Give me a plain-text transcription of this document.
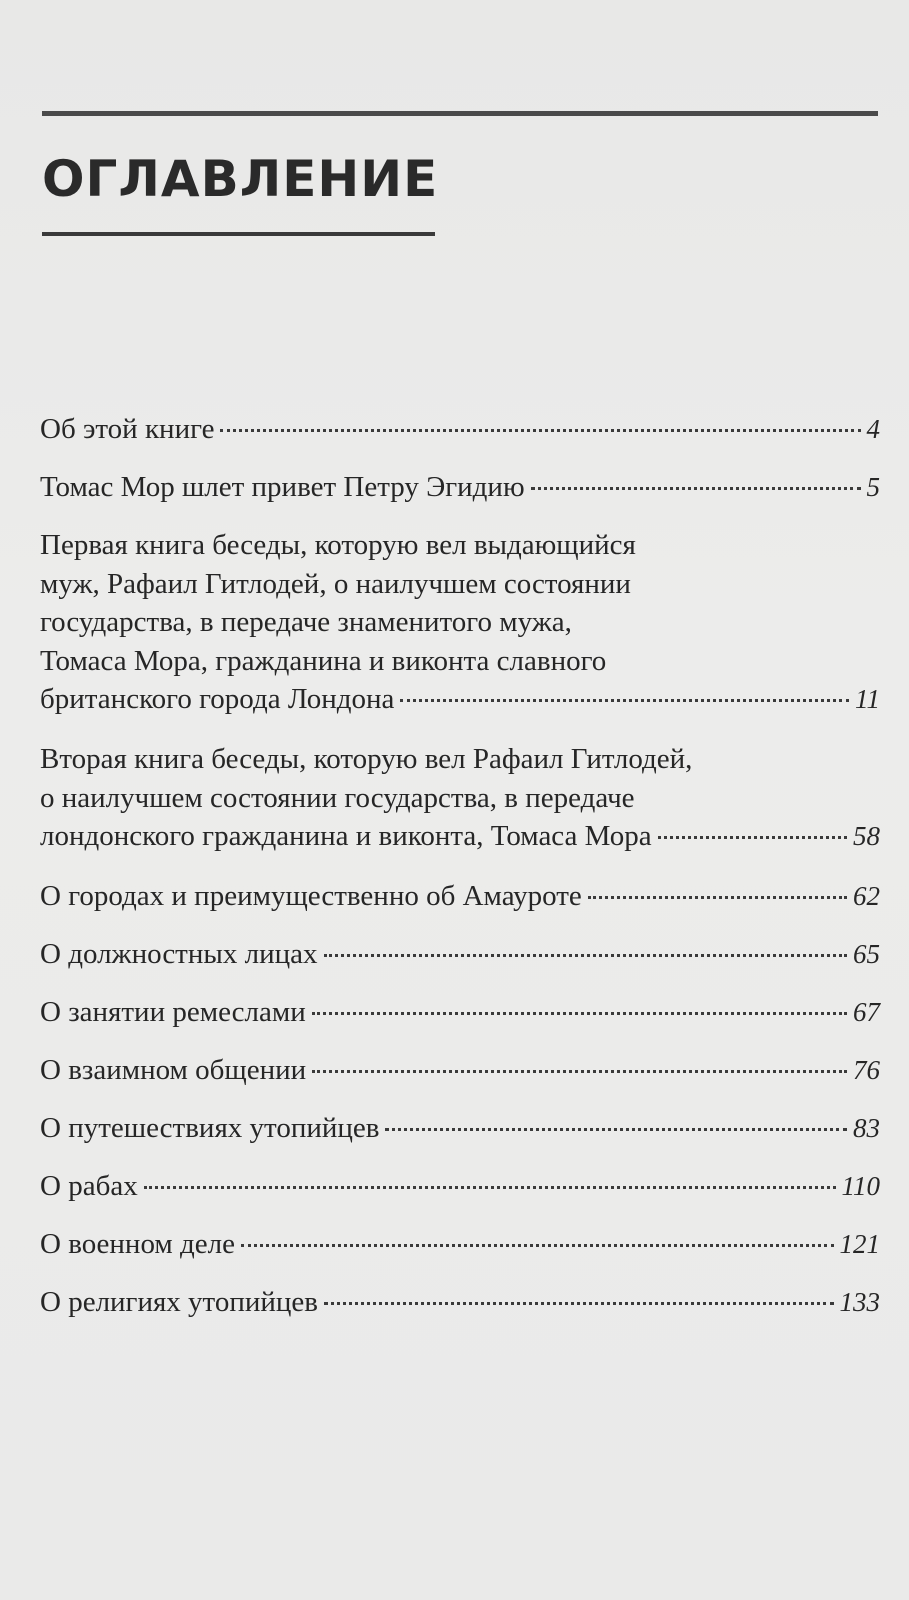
ОГЛАВЛЕНИЕ
Об этой книге	4
Томас Мор шлет привет Петру Эгидию	5
Первая книга беседы, которую вел выдающийся
муж, Рафаил Гитлодей, о наилучшем состоянии
государства, в передаче знаменитого мужа,
Томаса Мора, гражданина и виконта славного
британского города Лондона	11
Вторая книга беседы, которую вел Рафаил Гитлодей,
о наилучшем состоянии государства, в передаче
лондонского гражданина и виконта, Томаса Мора	58
О городах и преимущественно об Амауроте	62
О должностных лицах	65
О занятии ремеслами	67
О взаимном общении	76
О путешествиях утопийцев	83
О рабах	110
О военном деле	121
О религиях утопийцев	133
